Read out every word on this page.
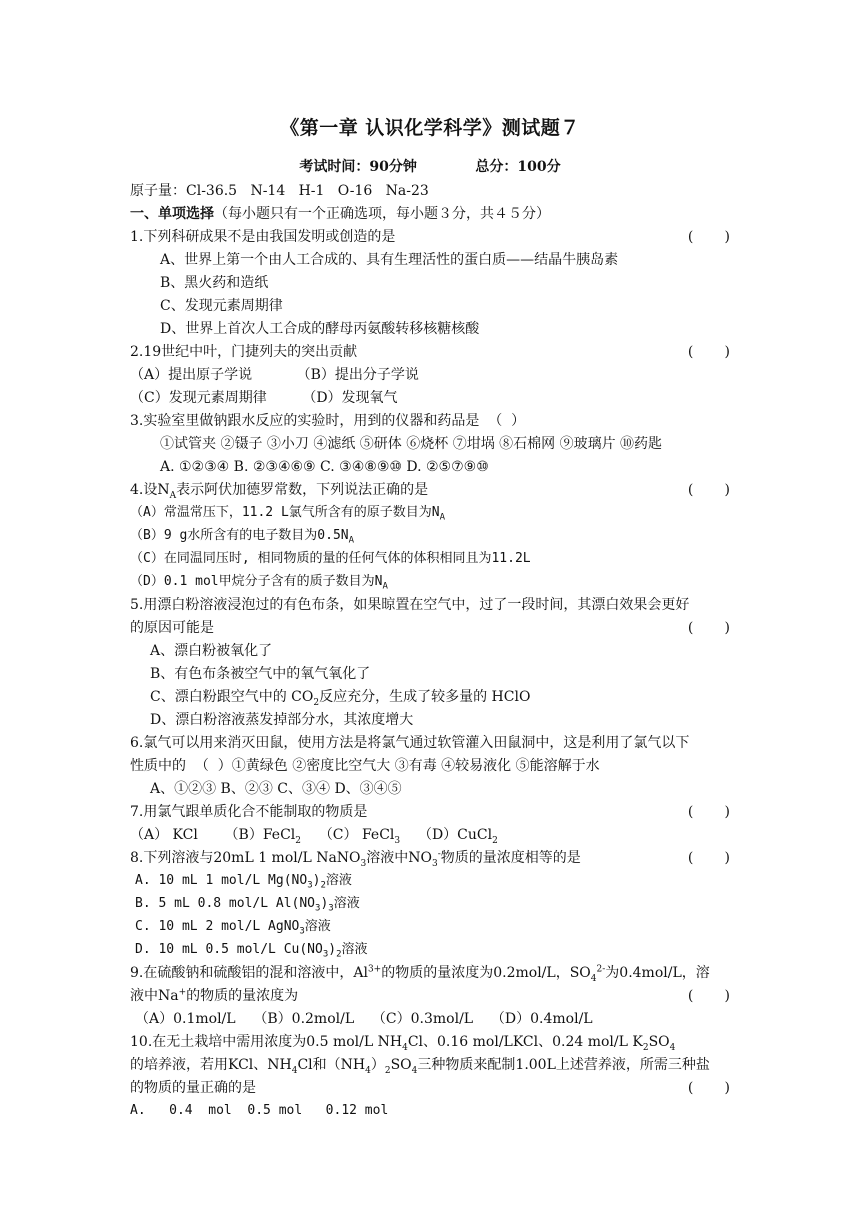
《第一章 认识化学科学》测试题７
考试时间：90分钟            总分：100分
原子量：Cl-36.5   N-14   H-1   O-16   Na-23
一、单项选择（每小题只有一个正确选项，每小题３分，共４５分）
1.下列科研成果不是由我国发明或创造的是	(       )
A、世界上第一个由人工合成的、具有生理活性的蛋白质——结晶牛胰岛素
B、黑火药和造纸
C、发现元素周期律
D、世界上首次人工合成的酵母丙氨酸转移核糖核酸
2.19世纪中叶，门捷列夫的突出贡献	(       )
（A）提出原子学说          （B）提出分子学说
（C）发现元素周期律        （D）发现氧气
3.实验室里做钠跟水反应的实验时，用到的仪器和药品是  （  ）
①试管夹 ②镊子 ③小刀 ④滤纸 ⑤研体 ⑥烧杯 ⑦坩埚 ⑧石棉网 ⑨玻璃片 ⑩药匙
A. ①②③④ B. ②③④⑥⑨ C. ③④⑧⑨⑩ D. ②⑤⑦⑨⑩
4.设$N_A$表示阿伏加德罗常数，下列说法正确的是	(       )
（A）常温常压下，11.2 L氯气所含有的原子数目为$N_A$
（B）9 g水所含有的电子数目为$0.5N_A$
（C）在同温同压时, 相同物质的量的任何气体的体积相同且为11.2L
（D）0.1 mol甲烷分子含有的质子数目为$N_A$
5.用漂白粉溶液浸泡过的有色布条，如果晾置在空气中，过了一段时间，其漂白效果会更好
的原因可能是	(       )
A、漂白粉被氧化了
B、有色布条被空气中的氧气氧化了
C、漂白粉跟空气中的 $CO_2$反应充分，生成了较多量的 HClO
D、漂白粉溶液蒸发掉部分水，其浓度增大
6.氯气可以用来消灭田鼠，使用方法是将氯气通过软管灌入田鼠洞中，这是利用了氯气以下
性质中的  （  ）①黄绿色 ②密度比空气大 ③有毒 ④较易液化 ⑤能溶解于水
A、①②③ B、②③ C、③④ D、③④⑤
7.用氯气跟单质化合不能制取的物质是	(       )
（A） KCl （B）FeCl$_2$ （C） FeCl$_3$ （D）CuCl$_2$
8.下列溶液与20mL 1 mol/L NaNO$_3$溶液中$NO_3^-$物质的量浓度相等的是	(       )
A. 10 mL 1 mol/L $Mg(NO_3)_2$溶液
B. 5 mL 0.8 mol/L $Al(NO_3)_3$溶液
C. 10 mL 2 mol/L AgNO$_3$溶液
D. 10 mL 0.5 mol/L $Cu(NO_3)_2$溶液
9.在硫酸钠和硫酸铝的混和溶液中，$Al^{3+}$的物质的量浓度为0.2mol/L，$SO_4^{2-}$为0.4mol/L，溶
液中Na+的物质的量浓度为	(       )
（A）0.1mol/L    （B）0.2mol/L    （C）0.3mol/L    （D）0.4mol/L
10.在无土栽培中需用浓度为0.5 mol/L $NH_4Cl$、0.16 mol/LKCl、0.24 mol/L $K_2SO_4$
的培养液，若用KCl、$NH_4Cl$和$(NH_4)_2SO_4$三种物质来配制1.00L上述营养液，所需三种盐
的物质的量正确的是	(       )
A.   0.4  mol  0.5 mol   0.12 mol
